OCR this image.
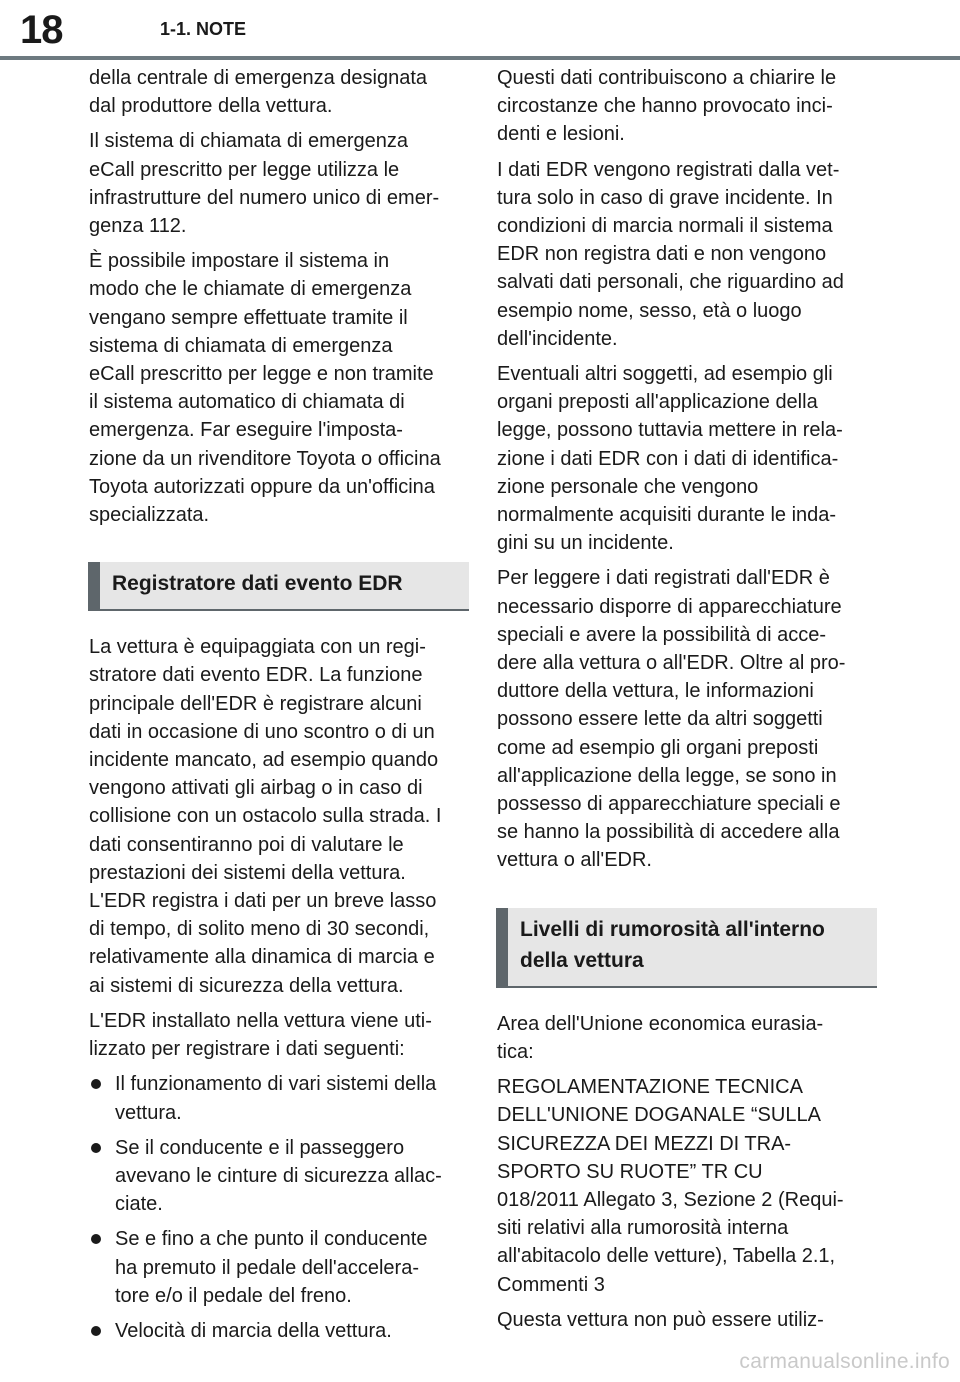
18	1-1. NOTE
della centrale di emergenza designata
dal produttore della vettura.
Il sistema di chiamata di emergenza
eCall prescritto per legge utilizza le
infrastrutture del numero unico di emer-
genza 112.
È possibile impostare il sistema in
modo che le chiamate di emergenza
vengano sempre effettuate tramite il
sistema di chiamata di emergenza
eCall prescritto per legge e non tramite
il sistema automatico di chiamata di
emergenza. Far eseguire l'imposta-
zione da un rivenditore Toyota o officina
Toyota autorizzati oppure da un'officina
specializzata.
Registratore dati evento EDR
La vettura è equipaggiata con un regi-
stratore dati evento EDR. La funzione
principale dell'EDR è registrare alcuni
dati in occasione di uno scontro o di un
incidente mancato, ad esempio quando
vengono attivati gli airbag o in caso di
collisione con un ostacolo sulla strada. I
dati consentiranno poi di valutare le
prestazioni dei sistemi della vettura.
L'EDR registra i dati per un breve lasso
di tempo, di solito meno di 30 secondi,
relativamente alla dinamica di marcia e
ai sistemi di sicurezza della vettura.
L'EDR installato nella vettura viene uti-
lizzato per registrare i dati seguenti:
Il funzionamento di vari sistemi della
vettura.
Se il conducente e il passeggero
avevano le cinture di sicurezza allac-
ciate.
Se e fino a che punto il conducente
ha premuto il pedale dell'accelera-
tore e/o il pedale del freno.
Velocità di marcia della vettura.
Questi dati contribuiscono a chiarire le
circostanze che hanno provocato inci-
denti e lesioni.
I dati EDR vengono registrati dalla vet-
tura solo in caso di grave incidente. In
condizioni di marcia normali il sistema
EDR non registra dati e non vengono
salvati dati personali, che riguardino ad
esempio nome, sesso, età o luogo
dell'incidente.
Eventuali altri soggetti, ad esempio gli
organi preposti all'applicazione della
legge, possono tuttavia mettere in rela-
zione i dati EDR con i dati di identifica-
zione personale che vengono
normalmente acquisiti durante le inda-
gini su un incidente.
Per leggere i dati registrati dall'EDR è
necessario disporre di apparecchiature
speciali e avere la possibilità di acce-
dere alla vettura o all'EDR. Oltre al pro-
duttore della vettura, le informazioni
possono essere lette da altri soggetti
come ad esempio gli organi preposti
all'applicazione della legge, se sono in
possesso di apparecchiature speciali e
se hanno la possibilità di accedere alla
vettura o all'EDR.
Livelli di rumorosità all'interno
della vettura
Area dell'Unione economica eurasia-
tica:
REGOLAMENTAZIONE TECNICA
DELL'UNIONE DOGANALE “SULLA
SICUREZZA DEI MEZZI DI TRA-
SPORTO SU RUOTE” TR CU
018/2011 Allegato 3, Sezione 2 (Requi-
siti relativi alla rumorosità interna
all'abitacolo delle vetture), Tabella 2.1,
Commenti 3
Questa vettura non può essere utiliz-
carmanualsonline.info
